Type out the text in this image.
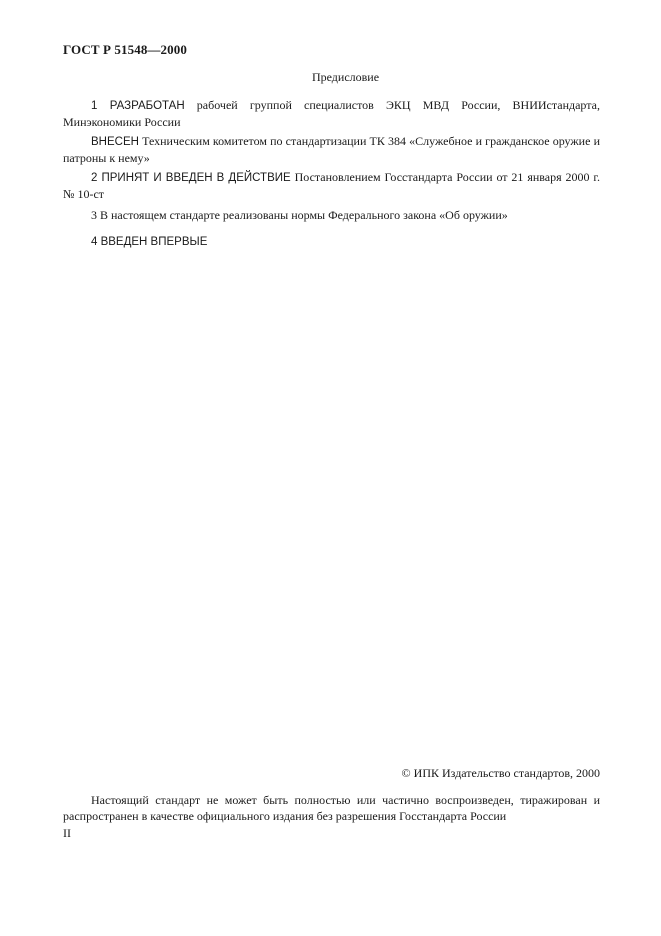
ГОСТ Р 51548—2000
Предисловие
1 РАЗРАБОТАН рабочей группой специалистов ЭКЦ МВД России, ВНИИстандарта, Минэкономики России
ВНЕСЕН Техническим комитетом по стандартизации ТК 384 «Служебное и гражданское оружие и патроны к нему»
2 ПРИНЯТ И ВВЕДЕН В ДЕЙСТВИЕ Постановлением Госстандарта России от 21 января 2000 г. № 10-ст
3 В настоящем стандарте реализованы нормы Федерального закона «Об оружии»
4 ВВЕДЕН ВПЕРВЫЕ
© ИПК Издательство стандартов, 2000
Настоящий стандарт не может быть полностью или частично воспроизведен, тиражирован и распространен в качестве официального издания без разрешения Госстандарта России
II
